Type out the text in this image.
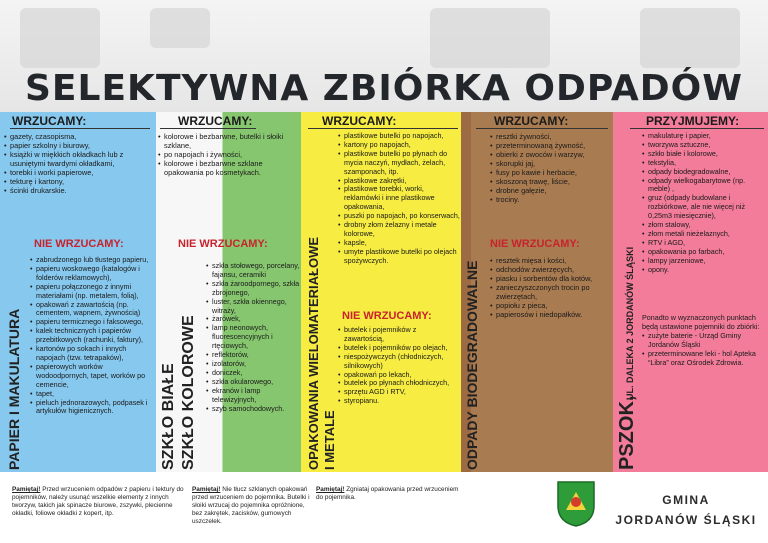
SELEKTYWNA ZBIÓRKA ODPADÓW
WRZUCAMY:
• gazety, czasopisma,
• papier szkolny i biurowy,
• książki w miękkich okładkach lub z usuniętymi twardymi okładkami,
• torebki i worki papierowe,
• tekturę i kartony,
• ścinki drukarskie.
NIE WRZUCAMY:
• zabrudzonego lub tłustego papieru,
• papieru woskowego (katalogów i folderów reklamowych),
• papieru połączonego z innymi materiałami (np. metalem, folią),
• opakowań z zawartością (np. cementem, wapnem, żywnością)
• papieru termicznego i faksowego,
• kalek technicznych i papierów przebitkowych (rachunki, faktury),
• kartonów po sokach i innych napojach (tzw. tetrapaków),
• papierowych worków wodoodpornych, tapet, worków po cemencie,
• tapet,
• pieluch jednorazowych, podpasek i artykułów higienicznych.
PAPIER I MAKULATURA
WRZUCAMY:
• kolorowe i bezbarwne, butelki i słoiki szklane,
• po napojach i żywności,
• kolorowe i bezbarwne szklane opakowania po kosmetykach.
NIE WRZUCAMY:
• szkła stołowego, porcelany, fajansu, ceramiki
• szkła żaroodpornego, szkła zbrojonego,
• luster, szkła okiennego, witraży,
• żarówek,
• lamp neonowych, fluorescencyjnych i rtęciowych,
• reflektorów,
• izolatorów,
• doniczek,
• szkła okularowego,
• ekranów i lamp telewizyjnych,
• szyb samochodowych.
SZKŁO BIAŁE SZKŁO KOLOROWE
WRZUCAMY:
• plastikowe butelki po napojach,
• kartony po napojach,
• plastikowe butelki po płynach do mycia naczyń, mydłach, żelach, szamponach, itp.
• plastikowe zakrętki,
• plastikowe torebki, worki, reklamówki i inne plastikowe opakowania,
• puszki po napojach, po konserwach,
• drobny złom żelazny i metale kolorowe,
• kapsle,
• umyte plastikowe butelki po olejach spożywczych.
NIE WRZUCAMY:
• butelek i pojemników z zawartością,
• butelek i pojemników po olejach,
• niespożywczych (chłodniczych, silnikowych)
• opakowań po lekach,
• butelek po płynach chłodniczych,
• sprzętu AGD i RTV,
• styropianu.
OPAKOWANIA WIELOMATERIAŁOWE I METALE
WRZUCAMY:
• resztki żywności,
• przeterminowaną żywność,
• obierki z owoców i warzyw,
• skorupki jaj,
• fusy po kawie i herbacie,
• skoszoną trawę, liście,
• drobne gałęzie,
• trociny.
NIE WRZUCAMY:
• resztek mięsa i kości,
• odchodów zwierzęcych,
• piasku i sorbentów dla kotów,
• zanieczyszczonych trocin po zwierzętach,
• popiołu z pieca,
• papierosów i niedopałków.
ODPADY BIODEGRADOWALNE
PRZYJMUJEMY:
• makulaturę i papier,
• tworzywa sztuczne,
• szkło białe i kolorowe,
• tekstylia,
• odpady biodegradowalne,
• odpady wielkogabarytowe (np. meble) ,
• gruz (odpady budowlane i rozbiórkowe, ale nie więcej niż 0,25m3 miesięcznie),
• złom stalowy,
• złom metali nieżelaznych,
• RTV i AGD,
• opakowania po farbach,
• lampy jarzeniowe,
• opony.
Ponadto w wyznaczonych punktach będą ustawione pojemniki do zbiórki:
• zużyte baterie - Urząd Gminy Jordanów Śląski
• przeterminowane leki - hol Apteka “Libra” oraz Ośrodek Zdrowia.
PSZOK,
UL. DALEKA 2 JORDANÓW ŚLĄSKI
Pamiętaj! Przed wrzuceniem odpadów z papieru i tektury do pojemników, należy usunąć wszelkie elementy z innych tworzyw, takich jak spinacze biurowe, zszywki, plecienne okładki, foliowe okładki z kopert, itp.
Pamiętaj! Nie tłucz szklanych opakowań przed wrzuceniem do pojemnika. Butelki i słoiki wrzucaj do pojemnika opróżnione, bez zakrętek, zacisków, gumowych uszczelek.
Pamiętaj! Zgniataj opakowania przed wrzuceniem do pojemnika.	GMINA
JORDANÓW ŚLĄSKI
